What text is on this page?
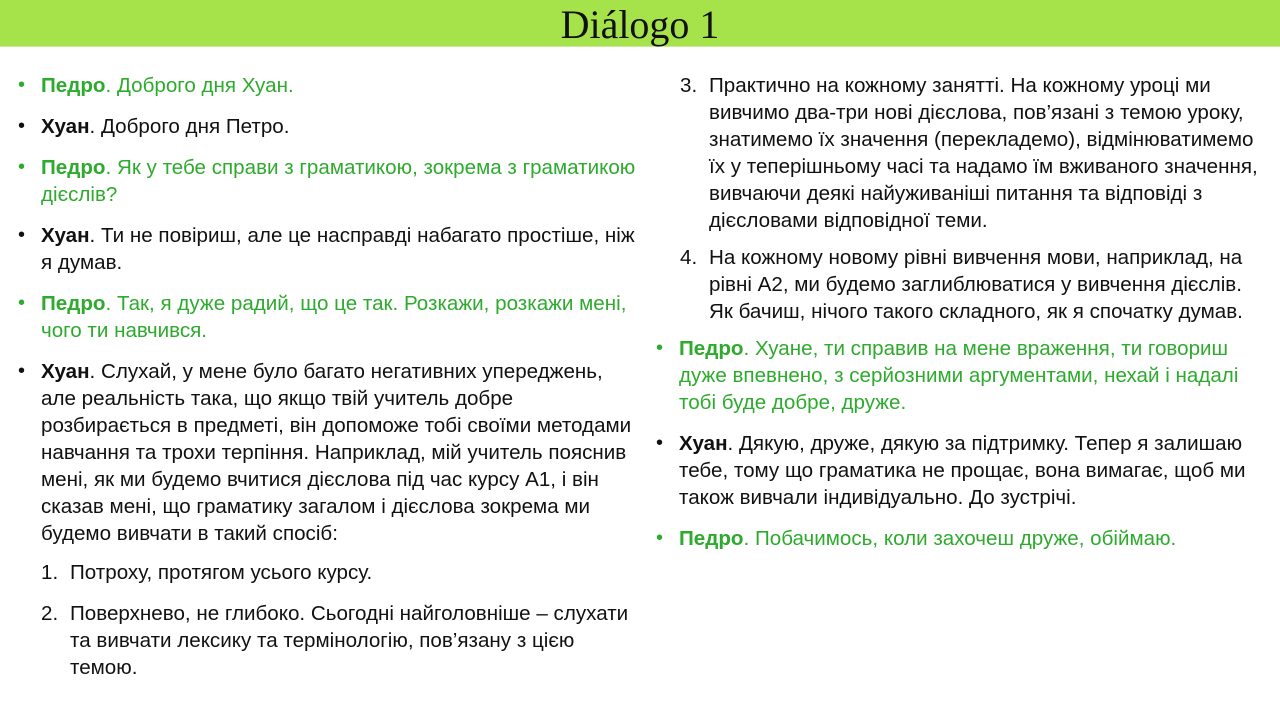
Diálogo 1
• Педро. Доброго дня Хуан.
• Хуан. Доброго дня Петро.
• Педро. Як у тебе справи з граматикою, зокрема з граматикою дієслів?
• Хуан. Ти не повіриш, але це насправді набагато простіше, ніж я думав.
• Педро. Так, я дуже радий, що це так. Розкажи, розкажи мені, чого ти навчився.
• Хуан. Слухай, у мене було багато негативних упереджень, але реальність така, що якщо твій учитель добре розбирається в предметі, він допоможе тобі своїми методами навчання та трохи терпіння. Наприклад, мій учитель пояснив мені, як ми будемо вчитися дієслова під час курсу А1, і він сказав мені, що граматику загалом і дієслова зокрема ми будемо вивчати в такий спосіб:
1. Потроху, протягом усього курсу.
2. Поверхнево, не глибоко. Сьогодні найголовніше – слухати та вивчати лексику та термінологію, пов’язану з цією темою.
3. Практично на кожному занятті. На кожному уроці ми вивчимо два-три нові дієслова, пов’язані з темою уроку, знатимемо їх значення (перекладемо), відмінюватимемо їх у теперішньому часі та надамо їм вживаного значення, вивчаючи деякі найуживаніші питання та відповіді з дієсловами відповідної теми.
4. На кожному новому рівні вивчення мови, наприклад, на рівні А2, ми будемо заглиблюватися у вивчення дієслів.
Як бачиш, нічого такого складного, як я спочатку думав.
• Педро. Хуане, ти справив на мене враження, ти говориш дуже впевнено, з серйозними аргументами, нехай і надалі тобі буде добре, друже.
• Хуан. Дякую, друже, дякую за підтримку. Тепер я залишаю тебе, тому що граматика не прощає, вона вимагає, щоб ми також вивчали індивідуально. До зустрічі.
• Педро. Побачимось, коли захочеш друже, обіймаю.
